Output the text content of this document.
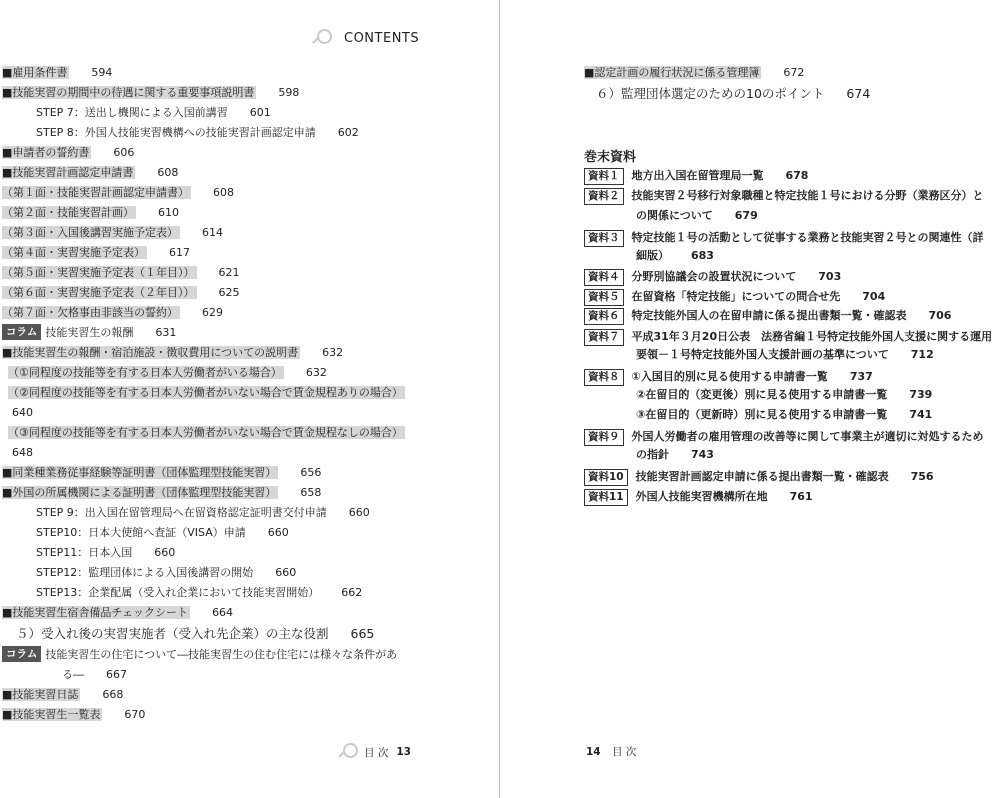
CONTENTS
■雇用条件書 594
■技能実習の期間中の待遇に関する重要事項説明書 598
STEP 7：送出し機関による入国前講習 601
STEP 8：外国人技能実習機構への技能実習計画認定申請 602
■申請者の誓約書 606
■技能実習計画認定申請書 608
（第１面・技能実習計画認定申請書） 608
（第２面・技能実習計画） 610
（第３面・入国後講習実施予定表） 614
（第４面・実習実施予定表） 617
（第５面・実習実施予定表（１年目）） 621
（第６面・実習実施予定表（２年目）） 625
（第７面・欠格事由非該当の誓約） 629
コラム 技能実習生の報酬 631
■技能実習生の報酬・宿泊施設・徴収費用についての説明書 632
（①同程度の技能等を有する日本人労働者がいる場合） 632
（②同程度の技能等を有する日本人労働者がいない場合で賃金規程ありの場合）
640
（③同程度の技能等を有する日本人労働者がいない場合で賃金規程なしの場合）
648
■同業種業務従事経験等証明書（団体監理型技能実習） 656
■外国の所属機関による証明書（団体監理型技能実習） 658
STEP 9：出入国在留管理局へ在留資格認定証明書交付申請 660
STEP10：日本大使館へ査証（VISA）申請 660
STEP11：日本入国 660
STEP12：監理団体による入国後講習の開始 660
STEP13：企業配属（受入れ企業において技能実習開始） 662
■技能実習生宿舎備品チェックシート 664
５）受入れ後の実習実施者（受入れ先企業）の主な役割 665
コラム 技能実習生の住宅について―技能実習生の住む住宅には様々な条件があ
る― 667
■技能実習日誌 668
■技能実習生一覧表 670
目 次 13
■認定計画の履行状況に係る管理簿 672
６）監理団体選定のための10のポイント 674
巻末資料
資料１ 地方出入国在留管理局一覧 678
資料２ 技能実習２号移行対象職種と特定技能１号における分野（業務区分）と
の関係について 679
資料３ 特定技能１号の活動として従事する業務と技能実習２号との関連性（詳
細版） 683
資料４ 分野別協議会の設置状況について 703
資料５ 在留資格「特定技能」についての問合せ先 704
資料６ 特定技能外国人の在留申請に係る提出書類一覧・確認表 706
資料７ 平成31年３月20日公表　法務省編１号特定技能外国人支援に関する運用
要領－１号特定技能外国人支援計画の基準について 712
資料８ ①入国目的別に見る使用する申請書一覧 737
②在留目的（変更後）別に見る使用する申請書一覧 739
③在留目的（更新時）別に見る使用する申請書一覧 741
資料９ 外国人労働者の雇用管理の改善等に関して事業主が適切に対処するため
の指針 743
資料10 技能実習計画認定申請に係る提出書類一覧・確認表 756
資料11 外国人技能実習機構所在地 761
14 目 次
